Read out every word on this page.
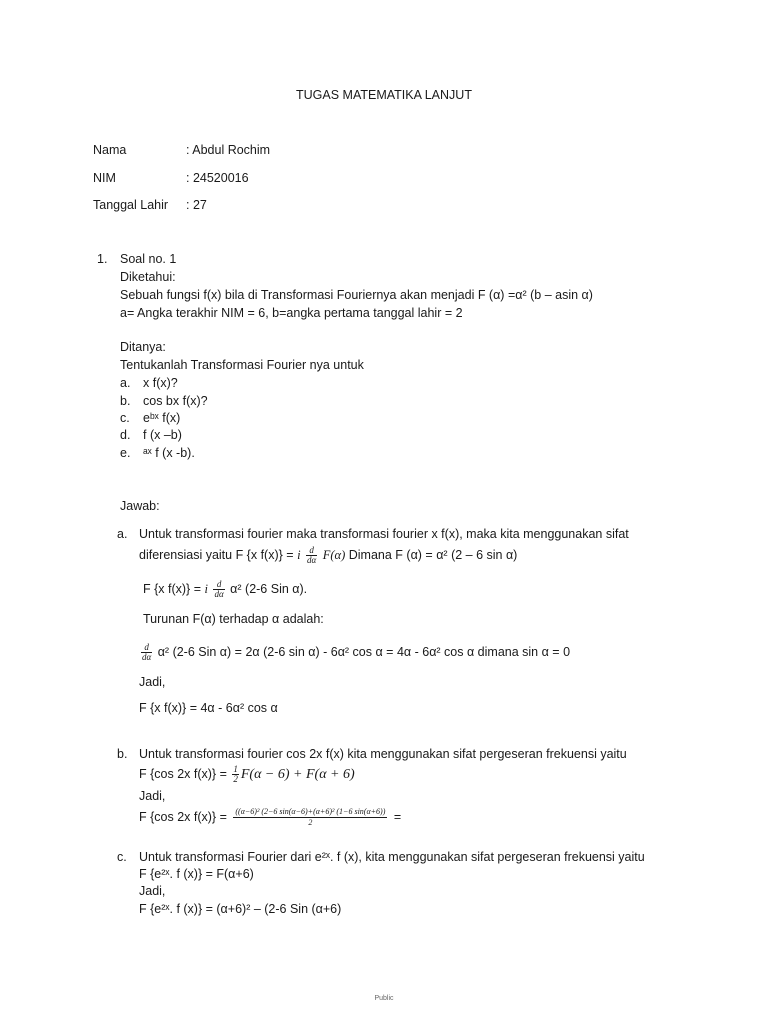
TUGAS MATEMATIKA LANJUT
Nama	: Abdul Rochim
NIM	: 24520016
Tanggal Lahir : 27
1. Soal no. 1
Diketahui:
Sebuah fungsi f(x) bila di Transformasi Fouriernya akan menjadi F (α) =α² (b – asin α)
a= Angka terakhir NIM = 6, b=angka pertama tanggal lahir = 2
Ditanya:
Tentukanlah Transformasi Fourier nya untuk
a. x f(x)?
b. cos bx f(x)?
c. eᵇˣ f(x)
d. f (x –b)
e. ᵃˣ f (x -b).
Jawab:
a. Untuk transformasi fourier maka transformasi fourier x f(x), maka kita menggunakan sifat
diferensiasi yaitu F {x f(x)} = i $\frac{d}{d\alpha} F(\alpha)$ Dimana F (α) = α² (2 – 6 sin α)
F {x f(x)} = i $\frac{d}{d\alpha} \alpha^2$ (2-6 Sin α).
Turunan F(α) terhadap α adalah:
$\frac{d}{d\alpha} \alpha^2$ (2-6 Sin α) = 2α (2-6 sin α) - 6α² cos α = 4α - 6α² cos α dimana sin α = 0
Jadi,
F {x f(x)} = 4α - 6α² cos α
b. Untuk transformasi fourier cos 2x f(x) kita menggunakan sifat pergeseran frekuensi yaitu
F {cos 2x $f(x)\} = \frac{1}{2} F(\alpha - 6) + F(\alpha + 6)$
Jadi,
F {cos 2x $f(x)\} = \frac{\text{((α−6)² (2−6 sin(α−6)+(α+6)² (1−6 sin(α+6))}}{2}$ =
c. Untuk transformasi Fourier dari e²ˣ. f (x), kita menggunakan sifat pergeseran frekuensi yaitu
F {e²ˣ. f (x)} = F(α+6)
Jadi,
F {e²ˣ. f (x)} = (α+6)² – (2-6 Sin (α+6)
Public
